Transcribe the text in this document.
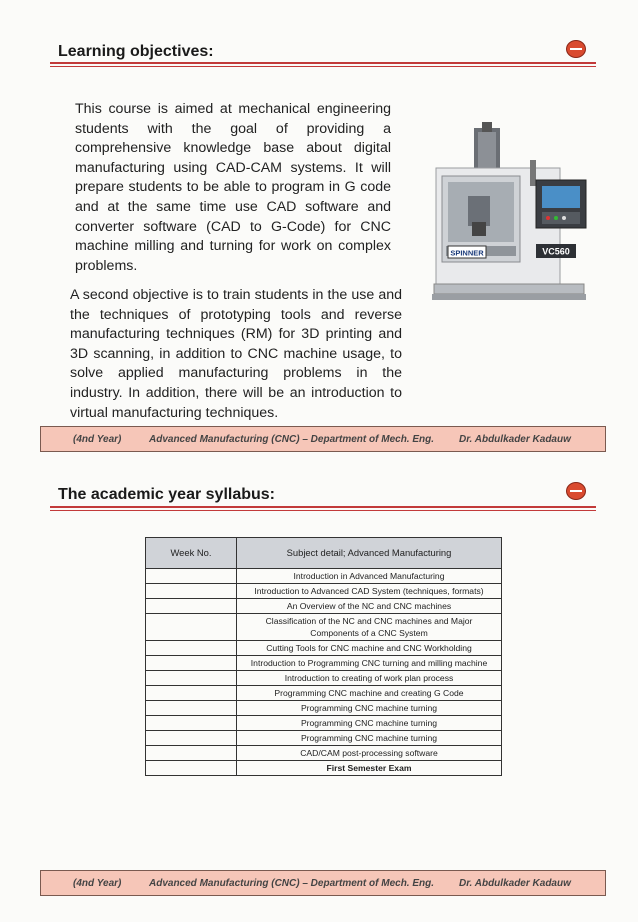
Learning objectives:
This course is aimed at mechanical engineering
students with the goal of providing a
comprehensive knowledge base about digital
manufacturing using CAD-CAM systems. It will
prepare students to be able to program in G code
and at the same time use CAD software and
converter software (CAD to G-Code) for CNC
machine milling and turning for work on complex
problems.
SPINNER	VC560
A second objective is to train students in the use and
the techniques of prototyping tools and reverse
manufacturing techniques (RM) for 3D printing and
3D scanning, in addition to CNC machine usage, to
solve applied manufacturing problems in the
industry. In addition, there will be an introduction to
virtual manufacturing techniques.
(4nd Year)	Advanced Manufacturing (CNC) – Department of Mech. Eng. Dr. Abdulkader Kadauw
The academic year syllabus:
Week No.	Subject detail; Advanced Manufacturing
	Introduction in Advanced Manufacturing
	Introduction to Advanced CAD System (techniques, formats)
	An Overview of the NC and CNC machines
	Classification of the NC and CNC machines and Major Components of a CNC System
	Cutting Tools for CNC machine and CNC Workholding
	Introduction to Programming CNC turning and milling machine
	Introduction to creating of work plan process
	Programming CNC machine and creating G Code
	Programming CNC machine turning
	Programming CNC machine turning
	Programming CNC machine turning
	CAD/CAM post-processing software
	First Semester Exam
(4nd Year)	Advanced Manufacturing (CNC) – Department of Mech. Eng. Dr. Abdulkader Kadauw
